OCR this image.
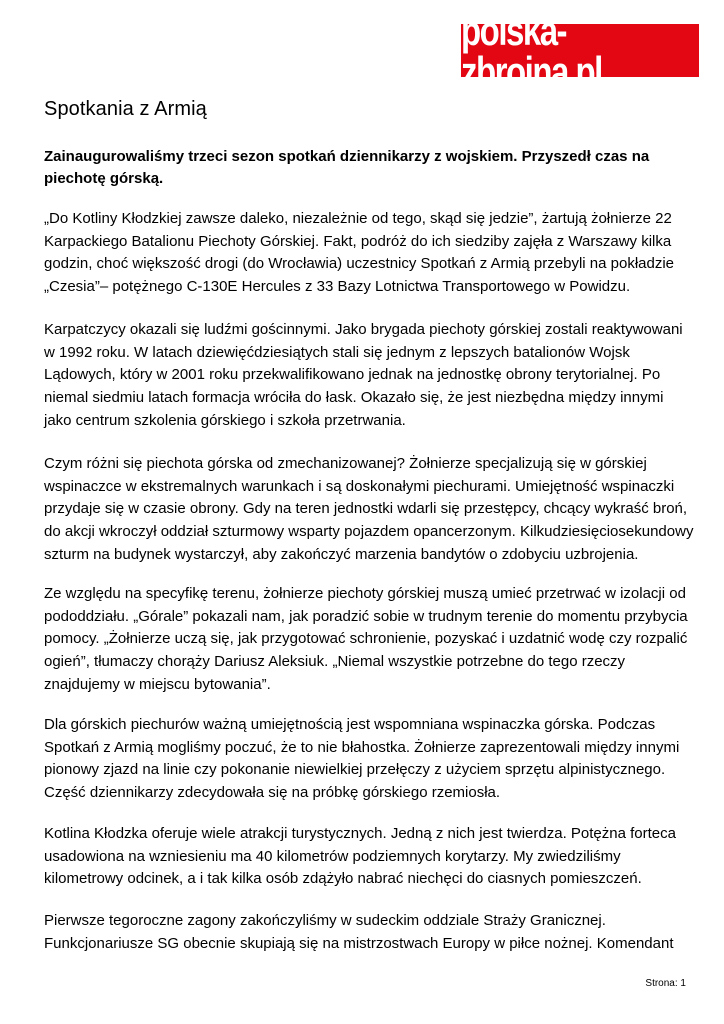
polska-zbrojna.pl
Spotkania z Armią

Zainaugurowaliśmy trzeci sezon spotkań dziennikarzy z wojskiem. Przyszedł czas na piechotę górską.

„Do Kotliny Kłodzkiej zawsze daleko, niezależnie od tego, skąd się jedzie”, żartują żołnierze 22 Karpackiego Batalionu Piechoty Górskiej. Fakt, podróż do ich siedziby zajęła z Warszawy kilka godzin, choć większość drogi (do Wrocławia) uczestnicy Spotkań z Armią przebyli na pokładzie „Czesia”– potężnego C-130E Hercules z 33 Bazy Lotnictwa Transportowego w Powidzu.

Karpatczycy okazali się ludźmi gościnnymi. Jako brygada piechoty górskiej zostali reaktywowani w 1992 roku. W latach dziewięćdziesiątych stali się jednym z lepszych batalionów Wojsk Lądowych, który w 2001 roku przekwalifikowano jednak na jednostkę obrony terytorialnej. Po niemal siedmiu latach formacja wróciła do łask. Okazało się, że jest niezbędna między innymi jako centrum szkolenia górskiego i szkoła przetrwania.

Czym różni się piechota górska od zmechanizowanej? Żołnierze specjalizują się w górskiej wspinaczce w ekstremalnych warunkach i są doskonałymi piechurami. Umiejętność wspinaczki przydaje się w czasie obrony. Gdy na teren jednostki wdarli się przestępcy, chcący wykraść broń, do akcji wkroczył oddział szturmowy wsparty pojazdem opancerzonym. Kilkudziesięciosekundowy szturm na budynek wystarczył, aby zakończyć marzenia bandytów o zdobyciu uzbrojenia.

Ze względu na specyfikę terenu, żołnierze piechoty górskiej muszą umieć przetrwać w izolacji od pododdziału. „Górale” pokazali nam, jak poradzić sobie w trudnym terenie do momentu przybycia pomocy. „Żołnierze uczą się, jak przygotować schronienie, pozyskać i uzdatnić wodę czy rozpalić ogień”, tłumaczy chorąży Dariusz Aleksiuk. „Niemal wszystkie potrzebne do tego rzeczy znajdujemy w miejscu bytowania”.

Dla górskich piechurów ważną umiejętnością jest wspomniana wspinaczka górska. Podczas Spotkań z Armią mogliśmy poczuć, że to nie błahostka. Żołnierze zaprezentowali między innymi pionowy zjazd na linie czy pokonanie niewielkiej przełęczy z użyciem sprzętu alpinistycznego. Część dziennikarzy zdecydowała się na próbkę górskiego rzemiosła.

Kotlina Kłodzka oferuje wiele atrakcji turystycznych. Jedną z nich jest twierdza. Potężna forteca usadowiona na wzniesieniu ma 40 kilometrów podziemnych korytarzy. My zwiedziliśmy kilometrowy odcinek, a i tak kilka osób zdążyło nabrać niechęci do ciasnych pomieszczeń.

Pierwsze tegoroczne zagony zakończyliśmy w sudeckim oddziale Straży Granicznej. Funkcjonariusze SG obecnie skupiają się na mistrzostwach Europy w piłce nożnej. Komendant

Strona: 1
